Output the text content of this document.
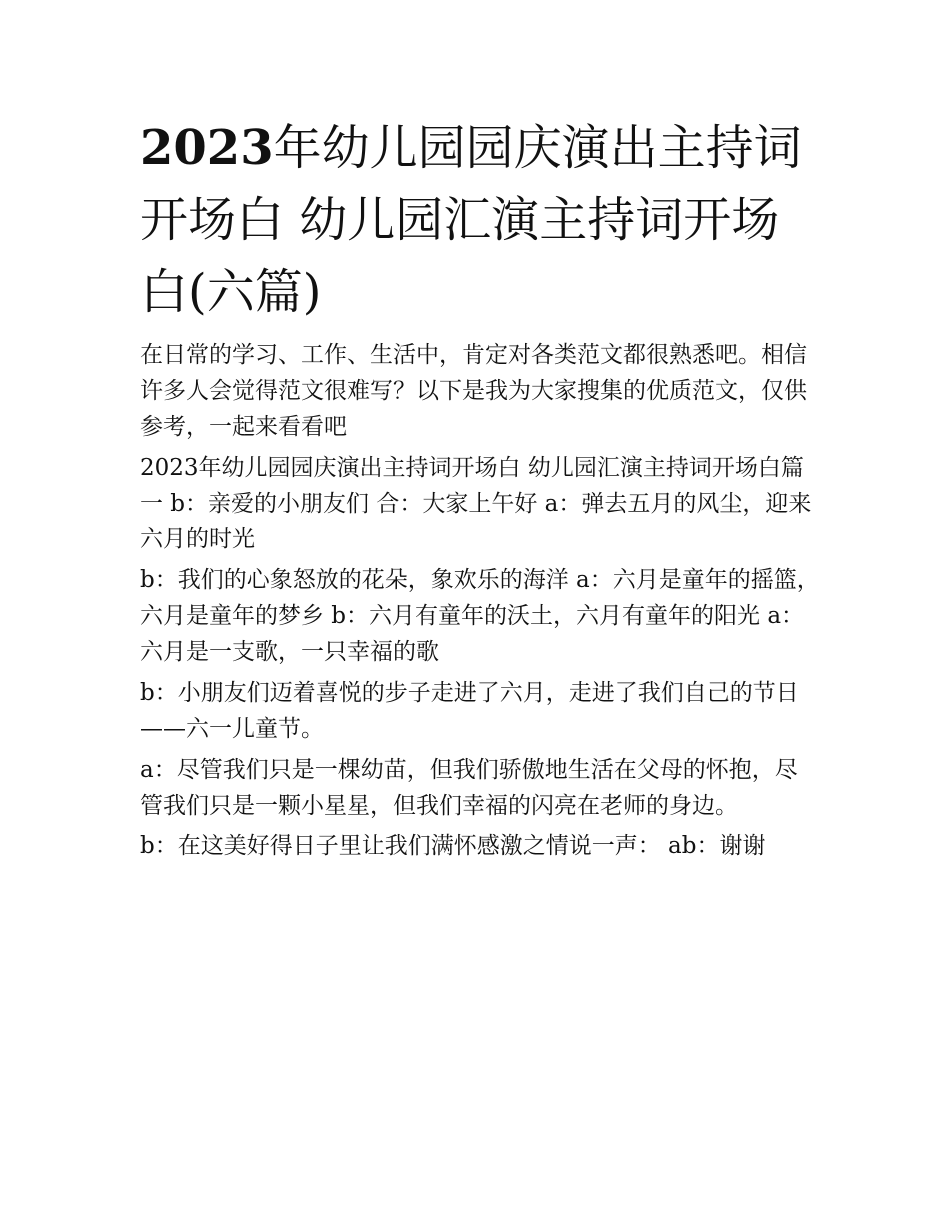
2023年幼儿园园庆演出主持词开场白 幼儿园汇演主持词开场白(六篇)

在日常的学习、工作、生活中，肯定对各类范文都很熟悉吧。相信许多人会觉得范文很难写？以下是我为大家搜集的优质范文，仅供参考，一起来看看吧

2023年幼儿园园庆演出主持词开场白 幼儿园汇演主持词开场白篇一 b：亲爱的小朋友们 合：大家上午好 a：弹去五月的风尘，迎来六月的时光

b：我们的心象怒放的花朵，象欢乐的海洋 a：六月是童年的摇篮，六月是童年的梦乡 b：六月有童年的沃土，六月有童年的阳光 a：六月是一支歌，一只幸福的歌

b：小朋友们迈着喜悦的步子走进了六月，走进了我们自己的节日——六一儿童节。

a：尽管我们只是一棵幼苗，但我们骄傲地生活在父母的怀抱，尽管我们只是一颗小星星，但我们幸福的闪亮在老师的身边。

b：在这美好得日子里让我们满怀感激之情说一声： ab：谢谢
